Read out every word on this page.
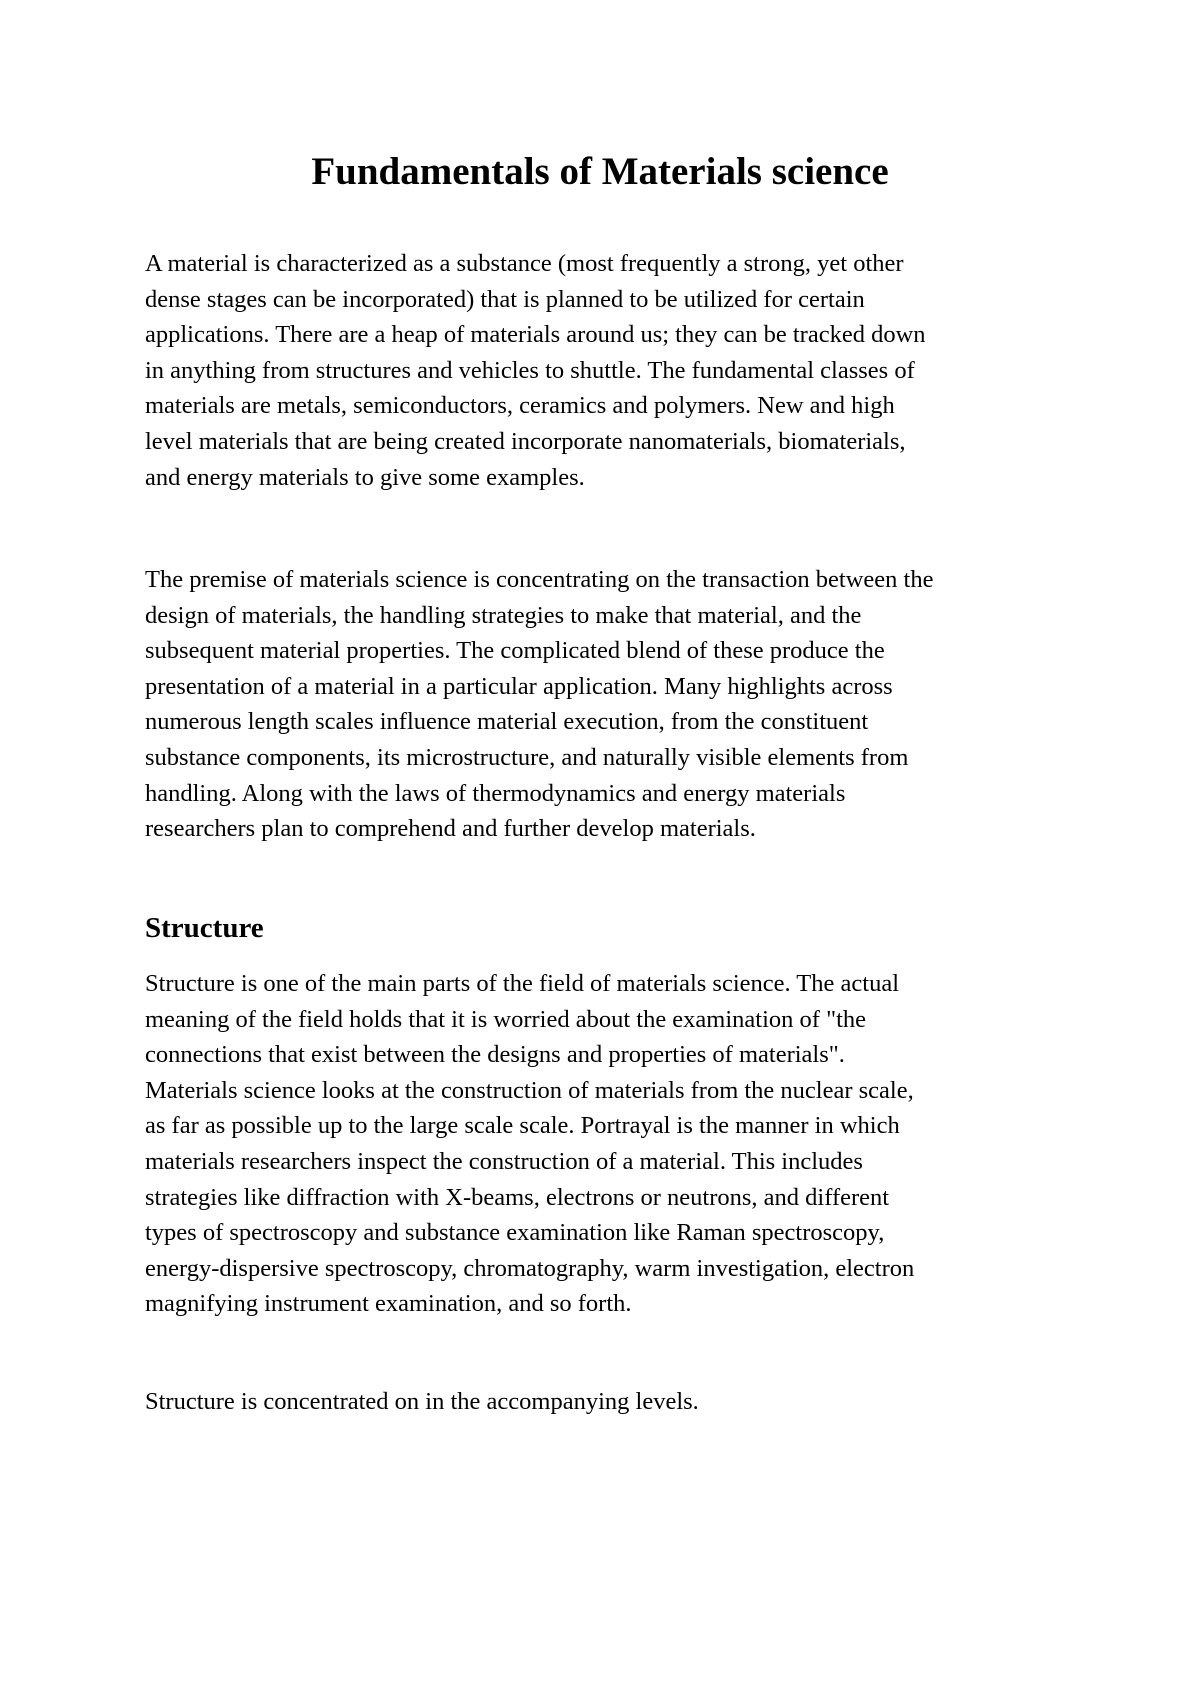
Fundamentals of Materials science

A material is characterized as a substance (most frequently a strong, yet other
dense stages can be incorporated) that is planned to be utilized for certain
applications. There are a heap of materials around us; they can be tracked down
in anything from structures and vehicles to shuttle. The fundamental classes of
materials are metals, semiconductors, ceramics and polymers. New and high
level materials that are being created incorporate nanomaterials, biomaterials,
and energy materials to give some examples.

The premise of materials science is concentrating on the transaction between the
design of materials, the handling strategies to make that material, and the
subsequent material properties. The complicated blend of these produce the
presentation of a material in a particular application. Many highlights across
numerous length scales influence material execution, from the constituent
substance components, its microstructure, and naturally visible elements from
handling. Along with the laws of thermodynamics and energy materials
researchers plan to comprehend and further develop materials.

Structure

Structure is one of the main parts of the field of materials science. The actual
meaning of the field holds that it is worried about the examination of "the
connections that exist between the designs and properties of materials".
Materials science looks at the construction of materials from the nuclear scale,
as far as possible up to the large scale scale. Portrayal is the manner in which
materials researchers inspect the construction of a material. This includes
strategies like diffraction with X-beams, electrons or neutrons, and different
types of spectroscopy and substance examination like Raman spectroscopy,
energy-dispersive spectroscopy, chromatography, warm investigation, electron
magnifying instrument examination, and so forth.

Structure is concentrated on in the accompanying levels.
